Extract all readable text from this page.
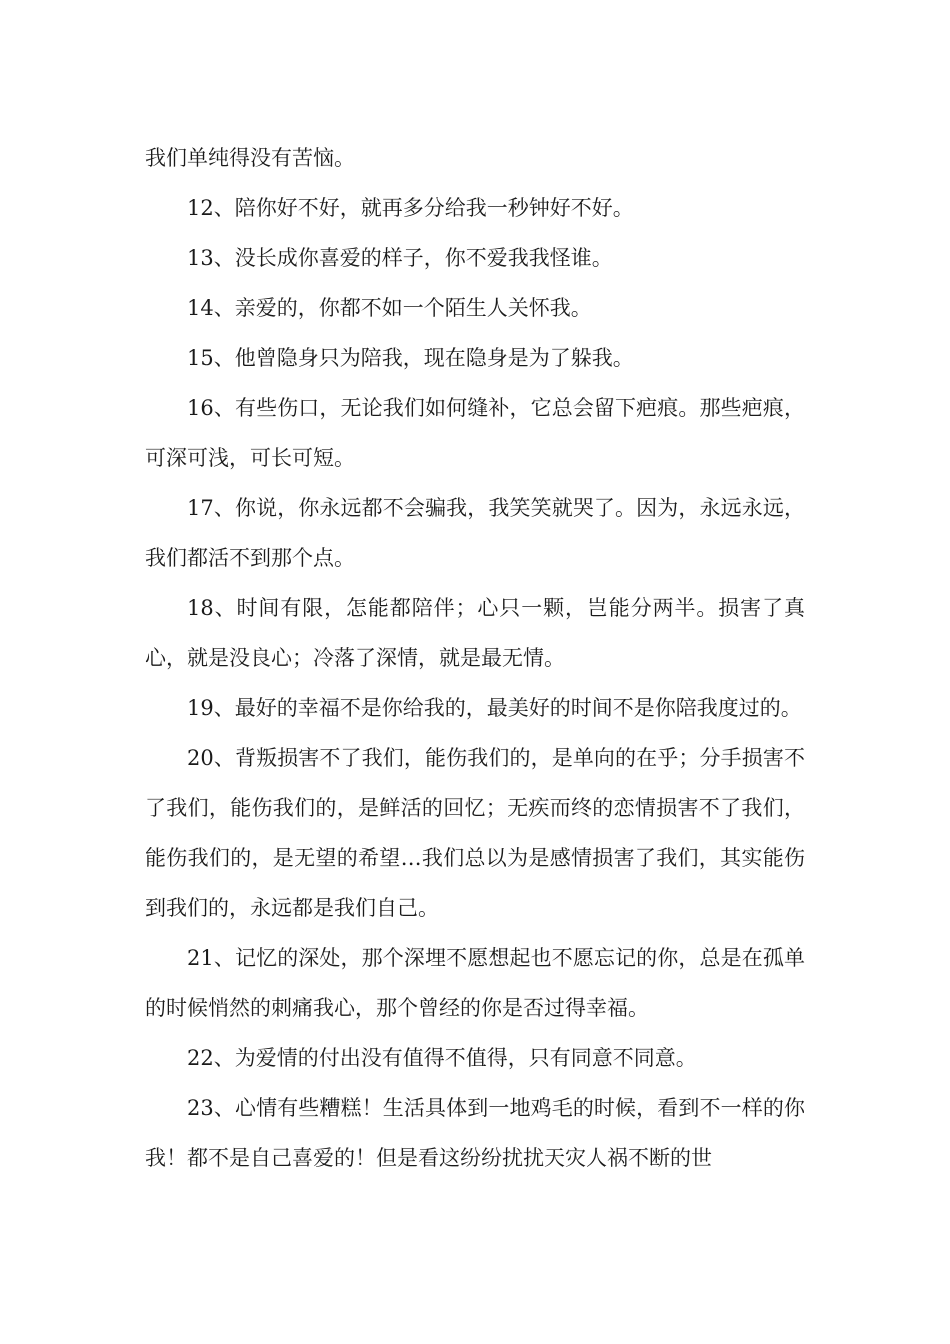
我们单纯得没有苦恼。

12、陪你好不好，就再多分给我一秒钟好不好。

13、没长成你喜爱的样子，你不爱我我怪谁。

14、亲爱的，你都不如一个陌生人关怀我。

15、他曾隐身只为陪我，现在隐身是为了躲我。

16、有些伤口，无论我们如何缝补，它总会留下疤痕。那些疤痕，可深可浅，可长可短。

17、你说，你永远都不会骗我，我笑笑就哭了。因为，永远永远，我们都活不到那个点。

18、时间有限，怎能都陪伴；心只一颗，岂能分两半。损害了真心，就是没良心；冷落了深情，就是最无情。

19、最好的幸福不是你给我的，最美好的时间不是你陪我度过的。

20、背叛损害不了我们，能伤我们的，是单向的在乎；分手损害不了我们，能伤我们的，是鲜活的回忆；无疾而终的恋情损害不了我们，能伤我们的，是无望的希望…我们总以为是感情损害了我们，其实能伤到我们的，永远都是我们自己。

21、记忆的深处，那个深埋不愿想起也不愿忘记的你，总是在孤单的时候悄然的刺痛我心，那个曾经的你是否过得幸福。

22、为爱情的付出没有值得不值得，只有同意不同意。

23、心情有些糟糕！生活具体到一地鸡毛的时候，看到不一样的你我！都不是自己喜爱的！但是看这纷纷扰扰天灾人祸不断的世
